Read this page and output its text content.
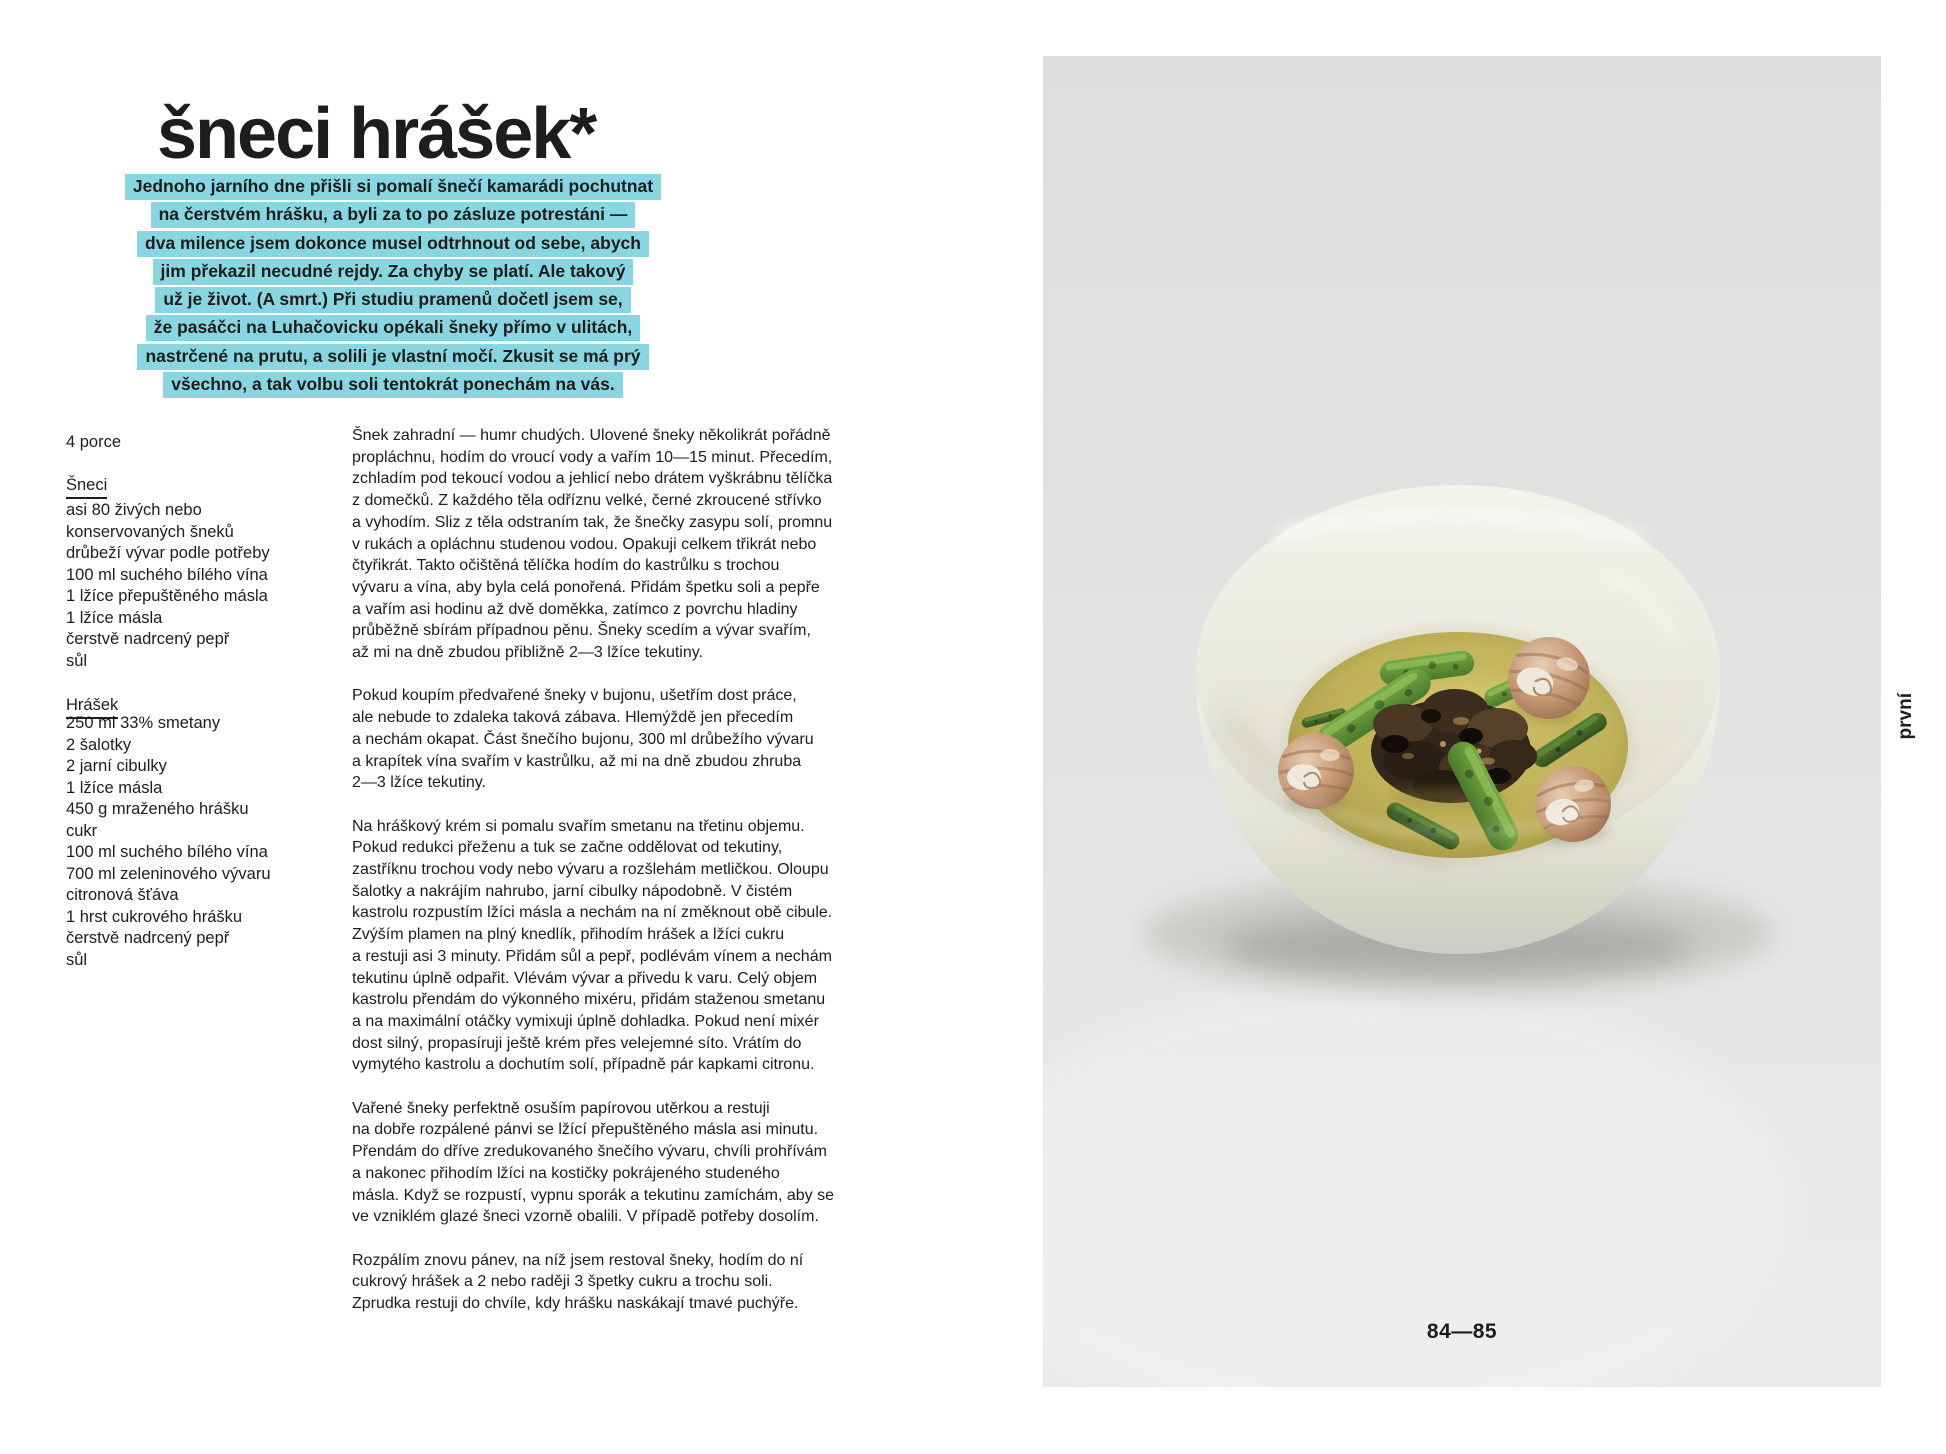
šneci hrášek*
Jednoho jarního dne přišli si pomalí šnečí kamarádi pochutnat
na čerstvém hrášku, a byli za to po zásluze potrestáni —
dva milence jsem dokonce musel odtrhnout od sebe, abych
jim překazil necudné rejdy. Za chyby se platí. Ale takový
už je život. (A smrt.) Při studiu pramenů dočetl jsem se,
že pasáčci na Luhačovicku opékali šneky přímo v ulitách,
nastrčené na prutu, a solili je vlastní močí. Zkusit se má prý
všechno, a tak volbu soli tentokrát ponechám na vás.
4 porce
Šneci
asi 80 živých nebo
konservovaných šneků
drůbeží vývar podle potřeby
100 ml suchého bílého vína
1 lžíce přepuštěného másla
1 lžíce másla
čerstvě nadrcený pepř
sůl
Hrášek
250 ml 33% smetany
2 šalotky
2 jarní cibulky
1 lžíce másla
450 g mraženého hrášku
cukr
100 ml suchého bílého vína
700 ml zeleninového vývaru
citronová šťáva
1 hrst cukrového hrášku
čerstvě nadrcený pepř
sůl

Šnek zahradní — humr chudých. Ulovené šneky několikrát pořádně
propláchnu, hodím do vroucí vody a vařím 10—15 minut. Přecedím,
zchladím pod tekoucí vodou a jehlicí nebo drátem vyškrábnu tělíčka
z domečků. Z každého těla odříznu velké, černé zkroucené střívko
a vyhodím. Sliz z těla odstraním tak, že šnečky zasypu solí, promnu
v rukách a opláchnu studenou vodou. Opakuji celkem třikrát nebo
čtyřikrát. Takto očištěná tělíčka hodím do kastrůlku s trochou
vývaru a vína, aby byla celá ponořená. Přidám špetku soli a pepře
a vařím asi hodinu až dvě doměkka, zatímco z povrchu hladiny
průběžně sbírám případnou pěnu. Šneky scedím a vývar svařím,
až mi na dně zbudou přibližně 2—3 lžíce tekutiny.

Pokud koupím předvařené šneky v bujonu, ušetřím dost práce,
ale nebude to zdaleka taková zábava. Hlemýždě jen přecedím
a nechám okapat. Část šnečího bujonu, 300 ml drůbežího vývaru
a krapítek vína svařím v kastrůlku, až mi na dně zbudou zhruba
2—3 lžíce tekutiny.

Na hráškový krém si pomalu svařím smetanu na třetinu objemu.
Pokud redukci přeženu a tuk se začne oddělovat od tekutiny,
zastříknu trochou vody nebo vývaru a rozšlehám metličkou. Oloupu
šalotky a nakrájím nahrubo, jarní cibulky nápodobně. V čistém
kastrolu rozpustím lžíci másla a nechám na ní změknout obě cibule.
Zvýším plamen na plný knedlík, přihodím hrášek a lžíci cukru
a restuji asi 3 minuty. Přidám sůl a pepř, podlévám vínem a nechám
tekutinu úplně odpařit. Vlévám vývar a přivedu k varu. Celý objem
kastrolu přendám do výkonného mixéru, přidám staženou smetanu
a na maximální otáčky vymixuji úplně dohladka. Pokud není mixér
dost silný, propasíruji ještě krém přes velejemné síto. Vrátím do
vymytého kastrolu a dochutím solí, případně pár kapkami citronu.

Vařené šneky perfektně osuším papírovou utěrkou a restuji
na dobře rozpálené pánvi se lžící přepuštěného másla asi minutu.
Přendám do dříve zredukovaného šnečího vývaru, chvíli prohřívám
a nakonec přihodím lžíci na kostičky pokrájeného studeného
másla. Když se rozpustí, vypnu sporák a tekutinu zamíchám, aby se
ve vzniklém glazé šneci vzorně obalili. V případě potřeby dosolím.

Rozpálím znovu pánev, na níž jsem restoval šneky, hodím do ní
cukrový hrášek a 2 nebo raději 3 špetky cukru a trochu soli.
Zprudka restuji do chvíle, kdy hrášku naskákají tmavé puchýře.

84—85
první
